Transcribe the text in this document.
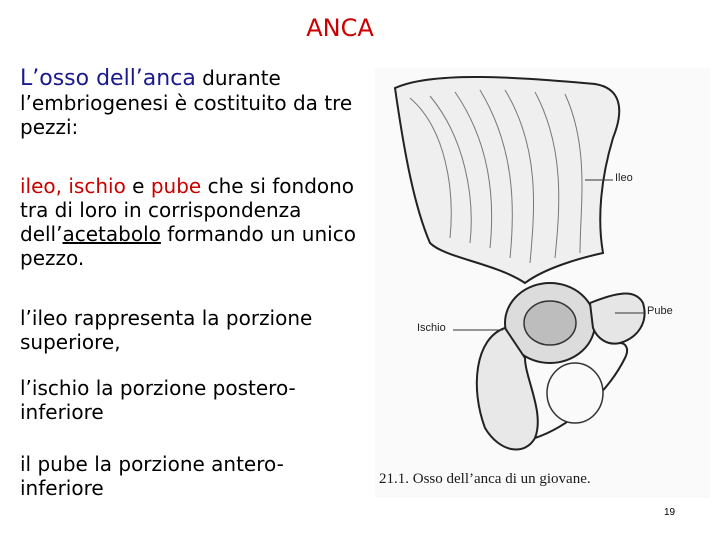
ANCA
L’osso dell’anca durante l’embriogenesi è costituito da tre pezzi:
ileo, ischio e pube che si fondono tra di loro in corrispondenza dell’acetabolo formando un unico pezzo.
l’ileo rappresenta la porzione superiore,
l’ischio la porzione postero-inferiore
il pube la porzione antero-inferiore
Ileo
Ischio
Pube
21.1. Osso dell’anca di un giovane.
19
